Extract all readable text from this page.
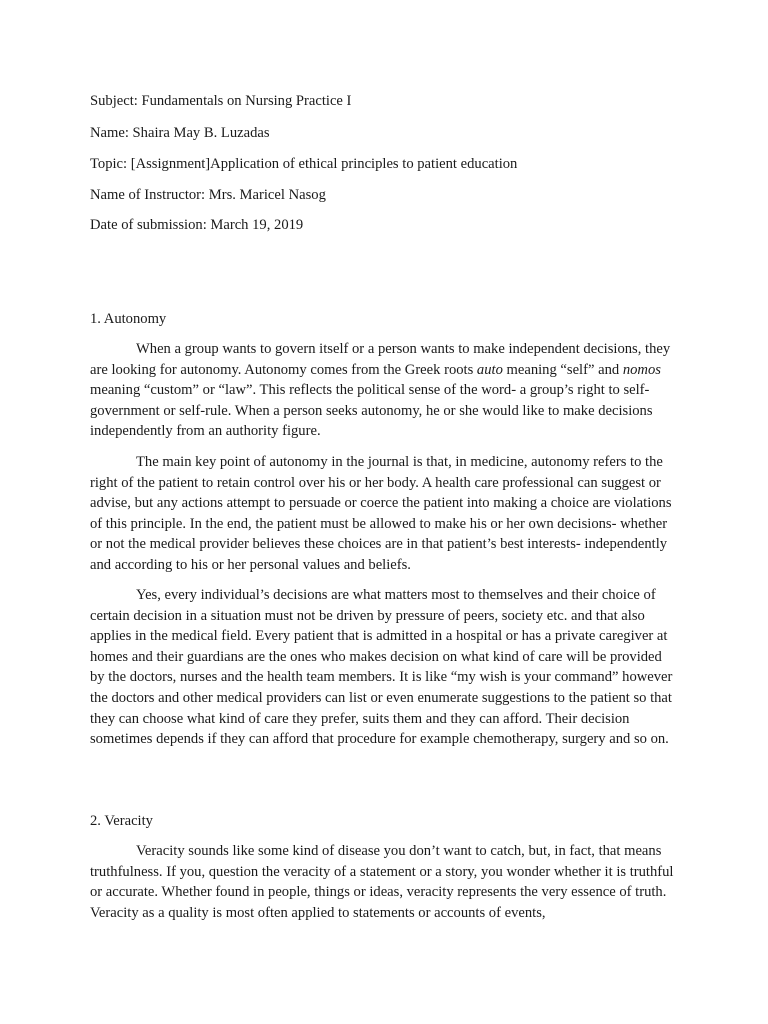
Subject: Fundamentals on Nursing Practice I

Name: Shaira May B. Luzadas

Topic: [Assignment]Application of ethical principles to patient education

Name of Instructor: Mrs. Maricel Nasog

Date of submission: March 19, 2019

1. Autonomy

When a group wants to govern itself or a person wants to make independent decisions, they are looking for autonomy. Autonomy comes from the Greek roots auto meaning “self” and nomos meaning “custom” or “law”. This reflects the political sense of the word- a group’s right to self- government or self-rule. When a person seeks autonomy, he or she would like to make decisions independently from an authority figure.

The main key point of autonomy in the journal is that, in medicine, autonomy refers to the right of the patient to retain control over his or her body. A health care professional can suggest or advise, but any actions attempt to persuade or coerce the patient into making a choice are violations of this principle. In the end, the patient must be allowed to make his or her own decisions- whether or not the medical provider believes these choices are in that patient’s best interests- independently and according to his or her personal values and beliefs.

Yes, every individual’s decisions are what matters most to themselves and their choice of certain decision in a situation must not be driven by pressure of peers, society etc. and that also applies in the medical field. Every patient that is admitted in a hospital or has a private caregiver at homes and their guardians are the ones who makes decision on what kind of care will be provided by the doctors, nurses and the health team members. It is like “my wish is your command” however the doctors and other medical providers can list or even enumerate suggestions to the patient so that they can choose what kind of care they prefer, suits them and they can afford. Their decision sometimes depends if they can afford that procedure for example chemotherapy, surgery and so on.

2. Veracity

Veracity sounds like some kind of disease you don’t want to catch, but, in fact, that means truthfulness. If you, question the veracity of a statement or a story, you wonder whether it is truthful or accurate. Whether found in people, things or ideas, veracity represents the very essence of truth. Veracity as a quality is most often applied to statements or accounts of events,
